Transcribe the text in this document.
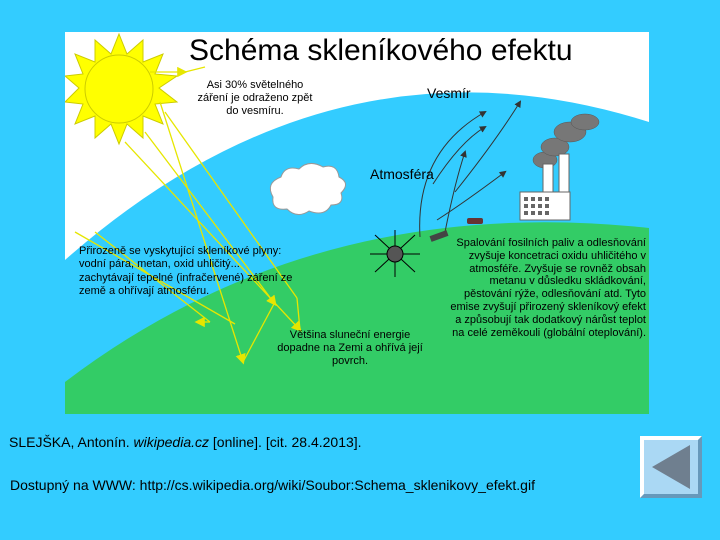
Schéma skleníkového efektu
Asi 30% světelného záření je odraženo zpět do vesmíru.
Vesmír
Atmosféra
Přirozeně se vyskytující skleníkové plyny: vodní pára, metan, oxid uhličitý... zachytávají tepelné (infračervené) záření ze země a ohřívají atmosféru.
Většina sluneční energie dopadne na Zemi a ohřívá její povrch.
Spalování fosilních paliv a odlesňování zvyšuje koncetraci oxidu uhličitého v atmosféře. Zvyšuje se rovněž obsah metanu v důsledku skládkování, pěstování rýže, odlesňování atd. Tyto emise zvyšují přirozený skleníkový efekt a způsobují tak dodatkový nárůst teplot na celé zeměkouli (globální oteplování).
SLEJŠKA, Antonín. wikipedia.cz [online]. [cit. 28.4.2013].
Dostupný na WWW: http://cs.wikipedia.org/wiki/Soubor:Schema_sklenikovy_efekt.gif
